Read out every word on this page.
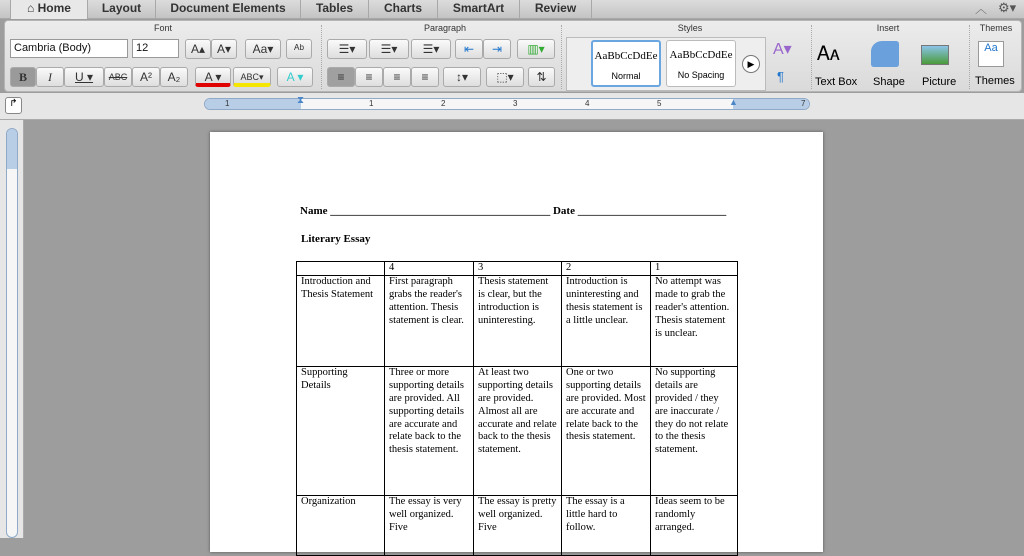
⌂ Home	Layout	Document Elements	Tables	Charts	SmartArt	Review	︿ ⚙▾
Font	Paragraph	Styles	Insert	Themes
Cambria (Body)	12	A▴ A▾	Aa▾	ᴬᵇ
B	I	U ▾	ABC	A²	A₂	A ▾	ABC▾	A ▾
☰▾	☰▾	☰▾	⇤	⇥	▥▾
≡	≡	≡	≡	↕▾	⬚▾	⇅
AaBbCcDdEe
Normal
AaBbCcDdEe
No Spacing
▶
A▾
¶
🗛
Text Box Shape Picture
Aa
Themes
↱	1	1	2	3	4	5	7
⧗	▲
Name ________________________________________ Date ___________________________
Literary Essay
	4	3	2	1
Introduction and Thesis Statement	First paragraph grabs the reader's attention. Thesis statement is clear.	Thesis statement is clear, but the introduction is uninteresting.	Introduction is uninteresting and thesis statement is a little unclear.	No attempt was made to grab the reader's attention. Thesis statement is unclear.
Supporting Details	Three or more supporting details are provided. All supporting details are accurate and relate back to the thesis statement.	At least two supporting details are provided. Almost all are accurate and relate back to the thesis statement.	One or two supporting details are provided. Most are accurate and relate back to the thesis statement.	No supporting details are provided / they are inaccurate / they do not relate to the thesis statement.
Organization	The essay is very well organized. Five	The essay is pretty well organized. Five	The essay is a little hard to follow.	Ideas seem to be randomly arranged.
